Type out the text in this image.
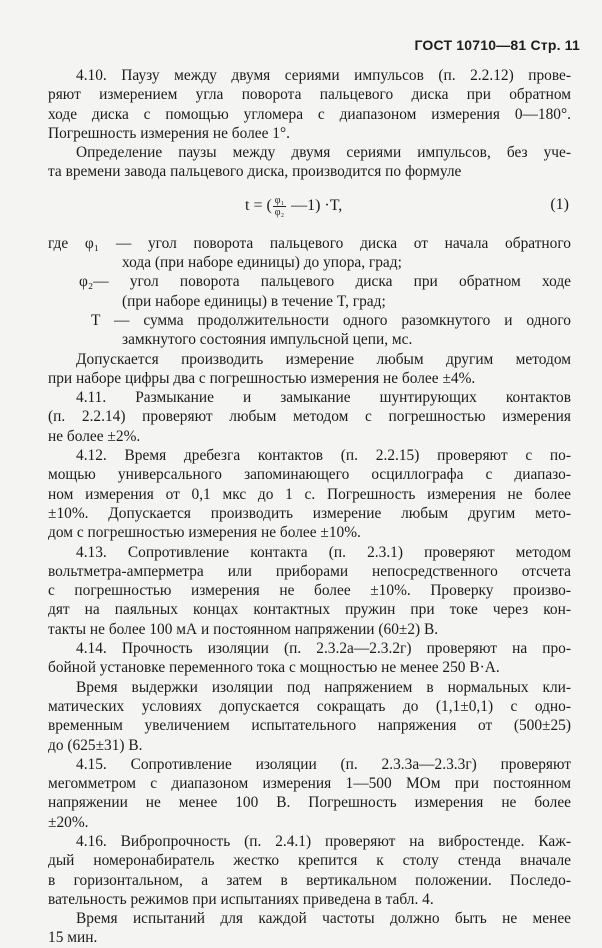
ГОСТ 10710—81 Стр. 11
4.10. Паузу между двумя сериями импульсов (п. 2.2.12) прове-
ряют измерением угла поворота пальцевого диска при обратном
ходе диска с помощью угломера с диапазоном измерения 0—180°.
Погрешность измерения не более 1°.
Определение паузы между двумя сериями импульсов, без уче-
та времени завода пальцевого диска, производится по формуле
t = ( $\frac{\text{φ₁}}{\text{φ₂}}$ —1) ·T,	(1)
где φ₁ — угол поворота пальцевого диска от начала обратного
хода (при наборе единицы) до упора, град;
φ₂— угол поворота пальцевого диска при обратном ходе
(при наборе единицы) в течение T, град;
T — сумма продолжительности одного разомкнутого и одного
замкнутого состояния импульсной цепи, мс.
Допускается производить измерение любым другим методом
при наборе цифры два с погрешностью измерения не более ±4%.
4.11. Размыкание и замыкание шунтирующих контактов
(п. 2.2.14) проверяют любым методом с погрешностью измерения
не более ±2%.
4.12. Время дребезга контактов (п. 2.2.15) проверяют с по-
мощью универсального запоминающего осциллографа с диапазо-
ном измерения от 0,1 мкс до 1 с. Погрешность измерения не более
±10%. Допускается производить измерение любым другим мето-
дом с погрешностью измерения не более ±10%.
4.13. Сопротивление контакта (п. 2.3.1) проверяют методом
вольтметра-амперметра или приборами непосредственного отсчета
с погрешностью измерения не более ±10%. Проверку произво-
дят на паяльных концах контактных пружин при токе через кон-
такты не более 100 мА и постоянном напряжении (60±2) В.
4.14. Прочность изоляции (п. 2.3.2а—2.3.2г) проверяют на про-
бойной установке переменного тока с мощностью не менее 250 В·А.
Время выдержки изоляции под напряжением в нормальных кли-
матических условиях допускается сокращать до (1,1±0,1) с одно-
временным увеличением испытательного напряжения от (500±25)
до (625±31) В.
4.15. Сопротивление изоляции (п. 2.3.3а—2.3.3г) проверяют
мегомметром с диапазоном измерения 1—500 МОм при постоянном
напряжении не менее 100 В. Погрешность измерения не более
±20%.
4.16. Вибропрочность (п. 2.4.1) проверяют на вибростенде. Каж-
дый номеронабиратель жестко крепится к столу стенда вначале
в горизонтальном, а затем в вертикальном положении. Последо-
вательность режимов при испытаниях приведена в табл. 4.
Время испытаний для каждой частоты должно быть не менее
15 мин.
